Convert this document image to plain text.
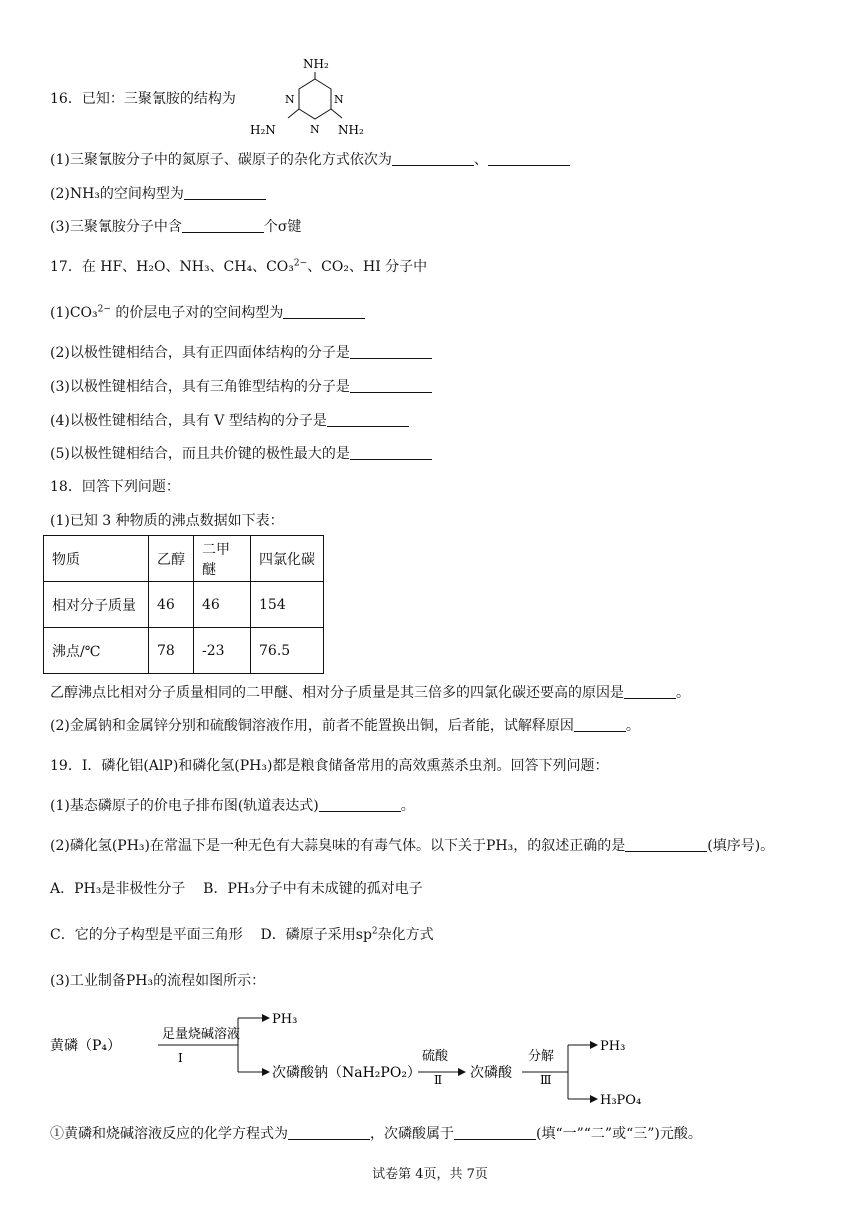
16．已知：三聚氰胺的结构为
NH₂
N	N
N
H₂N	NH₂
(1)三聚氰胺分子中的氮原子、碳原子的杂化方式依次为	、
(2)NH₃的空间构型为
(3)三聚氰胺分子中含	个σ键
17．在 HF、H₂O、NH₃、CH₄、CO₃$^{2-}$、CO₂、HI 分子中
(1)CO₃$^{2-}$ 的价层电子对的空间构型为
(2)以极性键相结合，具有正四面体结构的分子是
(3)以极性键相结合，具有三角锥型结构的分子是
(4)以极性键相结合，具有 V 型结构的分子是
(5)以极性键相结合，而且共价键的极性最大的是
18．回答下列问题：
(1)已知 3 种物质的沸点数据如下表：
物质	乙醇	二甲醚	四氯化碳
相对分子质量	46	46	154
沸点/℃	78	-23	76.5
乙醇沸点比相对分子质量相同的二甲醚、相对分子质量是其三倍多的四氯化碳还要高的原因是	。
(2)金属钠和金属锌分别和硫酸铜溶液作用，前者不能置换出铜，后者能，试解释原因	。
19．Ⅰ．磷化铝(AlP)和磷化氢(PH₃)都是粮食储备常用的高效熏蒸杀虫剂。回答下列问题：
(1)基态磷原子的价电子排布图(轨道表达式)	。
(2)磷化氢(PH₃)在常温下是一种无色有大蒜臭味的有毒气体。以下关于PH₃，的叙述正确的是	(填序号)。
A．PH₃是非极性分子 B．PH₃分子中有未成键的孤对电子
C．它的分子构型是平面三角形 D．磷原子采用$sp^2$杂化方式
(3)工业制备PH₃的流程如图所示：
黄磷（P₄）
足量烧碱溶液
Ⅰ
PH₃
次磷酸钠（NaH₂PO₂）
硫酸
Ⅱ 次磷酸
分解
Ⅲ
PH₃
H₃PO₄
①黄磷和烧碱溶液反应的化学方程式为	，次磷酸属于	(填“一”“二”或“三”)元酸。
试卷第 4页，共 7页
